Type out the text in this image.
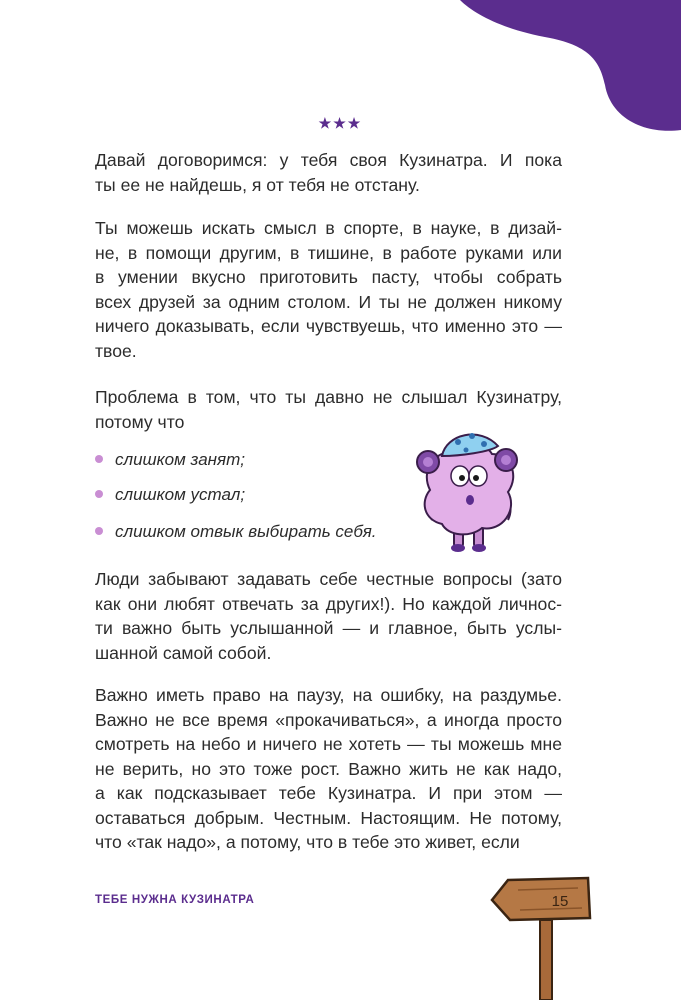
★★★
Давай договоримся: у тебя своя Кузинатра. И пока
ты ее не найдешь, я от тебя не отстану.
Ты можешь искать смысл в спорте, в науке, в дизай-
не, в помощи другим, в тишине, в работе руками или
в умении вкусно приготовить пасту, чтобы собрать
всех друзей за одним столом. И ты не должен никому
ничего доказывать, если чувствуешь, что именно это —
твое.
Проблема в том, что ты давно не слышал Кузинатру,
потому что
слишком занят;
слишком устал;
слишком отвык выбирать себя.
Люди забывают задавать себе честные вопросы (зато
как они любят отвечать за других!). Но каждой личнос-
ти важно быть услышанной — и главное, быть услы-
шанной самой собой.
Важно иметь право на паузу, на ошибку, на раздумье.
Важно не все время «прокачиваться», а иногда просто
смотреть на небо и ничего не хотеть — ты можешь мне
не верить, но это тоже рост. Важно жить не как надо,
а как подсказывает тебе Кузинатра. И при этом —
оставаться добрым. Честным. Настоящим. Не потому,
что «так надо», а потому, что в тебе это живет, если
ТЕБЕ НУЖНА КУЗИНАТРА	15
